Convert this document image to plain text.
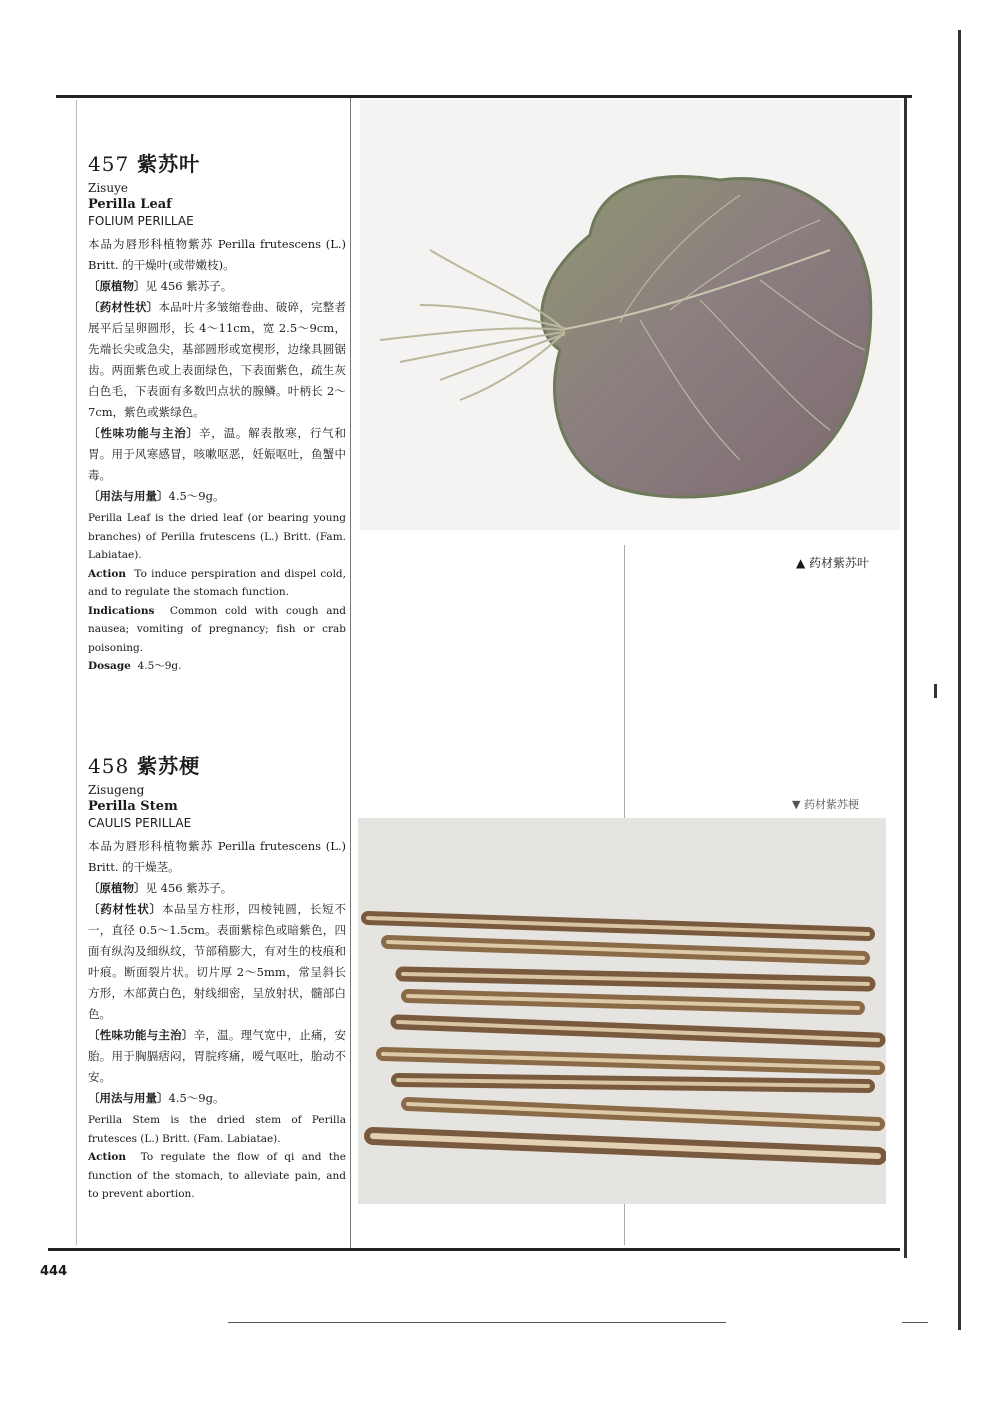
457 紫苏叶
Zisuye
Perilla Leaf
FOLIUM PERILLAE

本品为唇形科植物紫苏 Perilla frutescens (L.) Britt. 的干燥叶(或带嫩枝)。

〔原植物〕见 456 紫苏子。

〔药材性状〕本品叶片多皱缩卷曲、破碎，完整者展平后呈卵圆形，长 4～11cm，宽 2.5～9cm，先端长尖或急尖，基部圆形或宽楔形，边缘具圆锯齿。两面紫色或上表面绿色，下表面紫色，疏生灰白色毛，下表面有多数凹点状的腺鳞。叶柄长 2～7cm，紫色或紫绿色。

〔性味功能与主治〕辛，温。解表散寒，行气和胃。用于风寒感冒，咳嗽呕恶，妊娠呕吐，鱼蟹中毒。

〔用法与用量〕4.5～9g。

Perilla Leaf is the dried leaf (or bearing young branches) of Perilla frutescens (L.) Britt. (Fam. Labiatae).

Action To induce perspiration and dispel cold, and to regulate the stomach function.

Indications Common cold with cough and nausea; vomiting of pregnancy; fish or crab poisoning.

Dosage 4.5～9g.

458 紫苏梗
Zisugeng
Perilla Stem
CAULIS PERILLAE

本品为唇形科植物紫苏 Perilla frutescens (L.) Britt. 的干燥茎。

〔原植物〕见 456 紫苏子。

〔药材性状〕本品呈方柱形，四棱钝圆，长短不一，直径 0.5～1.5cm。表面紫棕色或暗紫色，四面有纵沟及细纵纹，节部稍膨大，有对生的枝痕和叶痕。断面裂片状。切片厚 2～5mm，常呈斜长方形，木部黄白色，射线细密，呈放射状，髓部白色。

〔性味功能与主治〕辛，温。理气宽中，止痛，安胎。用于胸膈痞闷，胃脘疼痛，嗳气呕吐，胎动不安。

〔用法与用量〕4.5～9g。

Perilla Stem is the dried stem of Perilla frutesces (L.) Britt. (Fam. Labiatae).

Action To regulate the flow of qi and the function of the stomach, to alleviate pain, and to prevent abortion.

▲ 药材紫苏叶
▼ 药材紫苏梗
444
